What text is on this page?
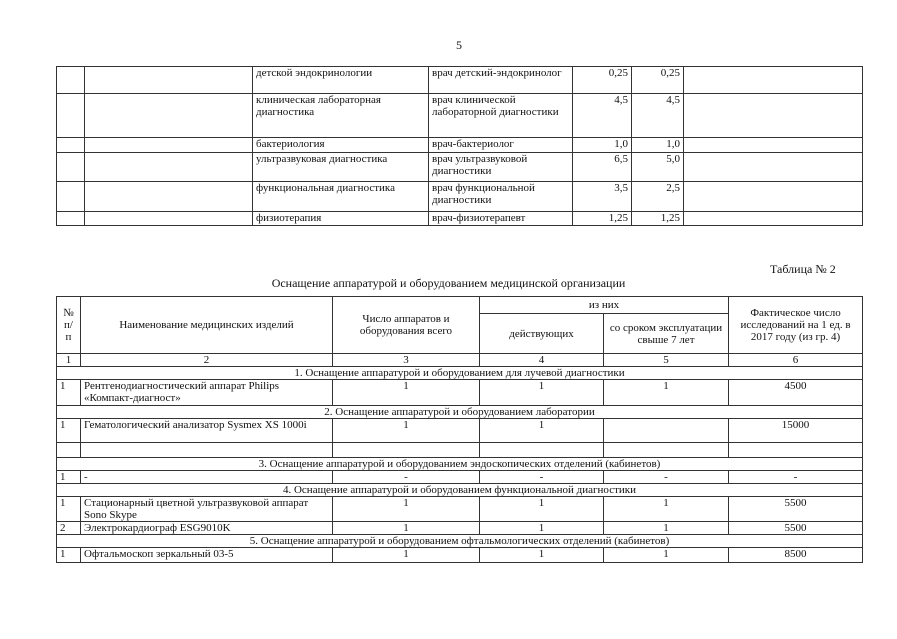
5
		детской эндокринологии	врач детский-эндокринолог	0,25	0,25	
		клиническая лабораторная диагностика	врач клинической лабораторной диагностики	4,5	4,5	
		бактериология	врач-бактериолог	1,0	1,0	
		ультразвуковая диагностика	врач ультразвуковой диагностики	6,5	5,0	
		функциональная диагностика	врач функциональной диагностики	3,5	2,5	
		физиотерапия	врач-физиотерапевт	1,25	1,25	
Таблица № 2
Оснащение аппаратурой и оборудованием медицинской организации
№ п/ п	Наименование медицинских изделий	Число аппаратов и оборудования всего	из них		Фактическое число исследований на 1 ед. в 2017 году (из гр. 4)
			действующих	со сроком эксплуатации свыше 7 лет	
1	2	3	4	5	6
1. Оснащение аппаратурой и оборудованием для лучевой диагностики					
1	Рентгенодиагностический аппарат Philips «Компакт-диагност»	1	1	1	4500
2. Оснащение аппаратурой и оборудованием лаборатории					
1	Гематологический анализатор Sysmex XS 1000i	1	1		15000

3. Оснащение аппаратурой и оборудованием эндоскопических отделений (кабинетов)					
1	-	-	-	-	-
4. Оснащение аппаратурой и оборудованием функциональной диагностики					
1	Стационарный цветной ультразвуковой аппарат Sono Skype	1	1	1	5500
2	Электрокардиограф ESG9010K	1	1	1	5500
5. Оснащение аппаратурой и оборудованием офтальмологических отделений (кабинетов)					
1	Офтальмоскоп зеркальный 03-5	1	1	1	8500
